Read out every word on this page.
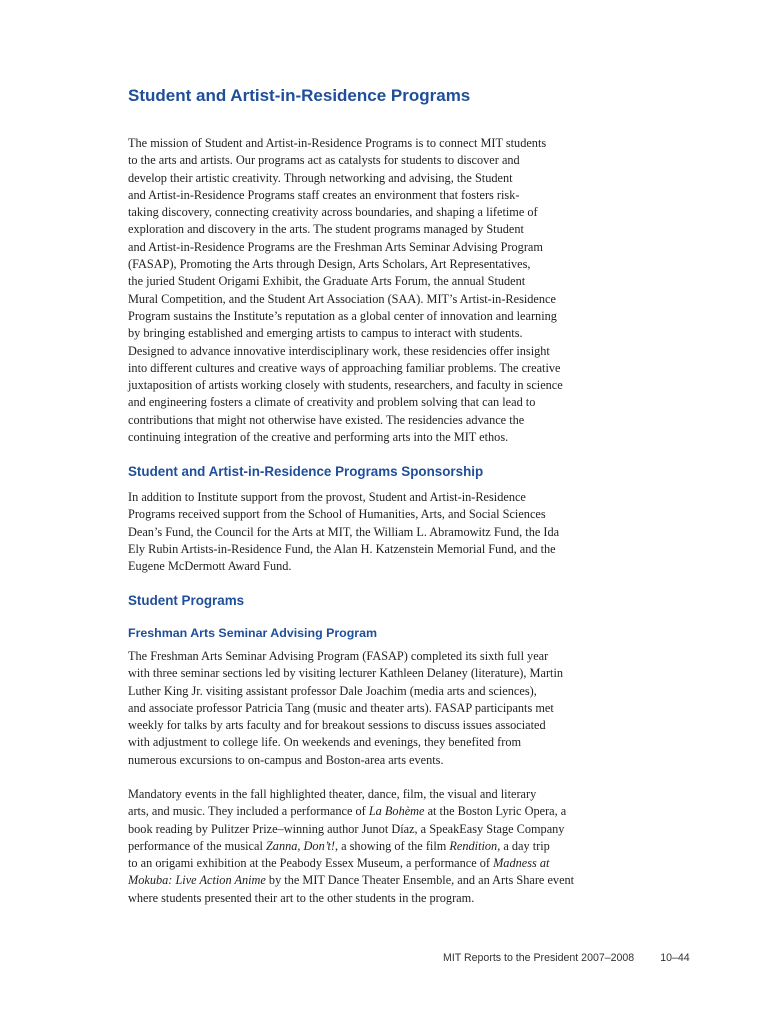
Student and Artist-in-Residence Programs

The mission of Student and Artist-in-Residence Programs is to connect MIT students
to the arts and artists. Our programs act as catalysts for students to discover and
develop their artistic creativity. Through networking and advising, the Student
and Artist-in-Residence Programs staff creates an environment that fosters risk-
taking discovery, connecting creativity across boundaries, and shaping a lifetime of
exploration and discovery in the arts. The student programs managed by Student
and Artist-in-Residence Programs are the Freshman Arts Seminar Advising Program
(FASAP), Promoting the Arts through Design, Arts Scholars, Art Representatives,
the juried Student Origami Exhibit, the Graduate Arts Forum, the annual Student
Mural Competition, and the Student Art Association (SAA). MIT’s Artist-in-Residence
Program sustains the Institute’s reputation as a global center of innovation and learning
by bringing established and emerging artists to campus to interact with students.
Designed to advance innovative interdisciplinary work, these residencies offer insight
into different cultures and creative ways of approaching familiar problems. The creative
juxtaposition of artists working closely with students, researchers, and faculty in science
and engineering fosters a climate of creativity and problem solving that can lead to
contributions that might not otherwise have existed. The residencies advance the
continuing integration of the creative and performing arts into the MIT ethos.

Student and Artist-in-Residence Programs Sponsorship

In addition to Institute support from the provost, Student and Artist-in-Residence
Programs received support from the School of Humanities, Arts, and Social Sciences
Dean’s Fund, the Council for the Arts at MIT, the William L. Abramowitz Fund, the Ida
Ely Rubin Artists-in-Residence Fund, the Alan H. Katzenstein Memorial Fund, and the
Eugene McDermott Award Fund.

Student Programs
Freshman Arts Seminar Advising Program

The Freshman Arts Seminar Advising Program (FASAP) completed its sixth full year
with three seminar sections led by visiting lecturer Kathleen Delaney (literature), Martin
Luther King Jr. visiting assistant professor Dale Joachim (media arts and sciences),
and associate professor Patricia Tang (music and theater arts). FASAP participants met
weekly for talks by arts faculty and for breakout sessions to discuss issues associated
with adjustment to college life. On weekends and evenings, they benefited from
numerous excursions to on-campus and Boston-area arts events.

Mandatory events in the fall highlighted theater, dance, film, the visual and literary
arts, and music. They included a performance of La Bohème at the Boston Lyric Opera, a
book reading by Pulitzer Prize–winning author Junot Díaz, a SpeakEasy Stage Company
performance of the musical Zanna, Don’t!, a showing of the film Rendition, a day trip
to an origami exhibition at the Peabody Essex Museum, a performance of Madness at
Mokuba: Live Action Anime by the MIT Dance Theater Ensemble, and an Arts Share event
where students presented their art to the other students in the program.

MIT Reports to the President 2007–2008 10–44
